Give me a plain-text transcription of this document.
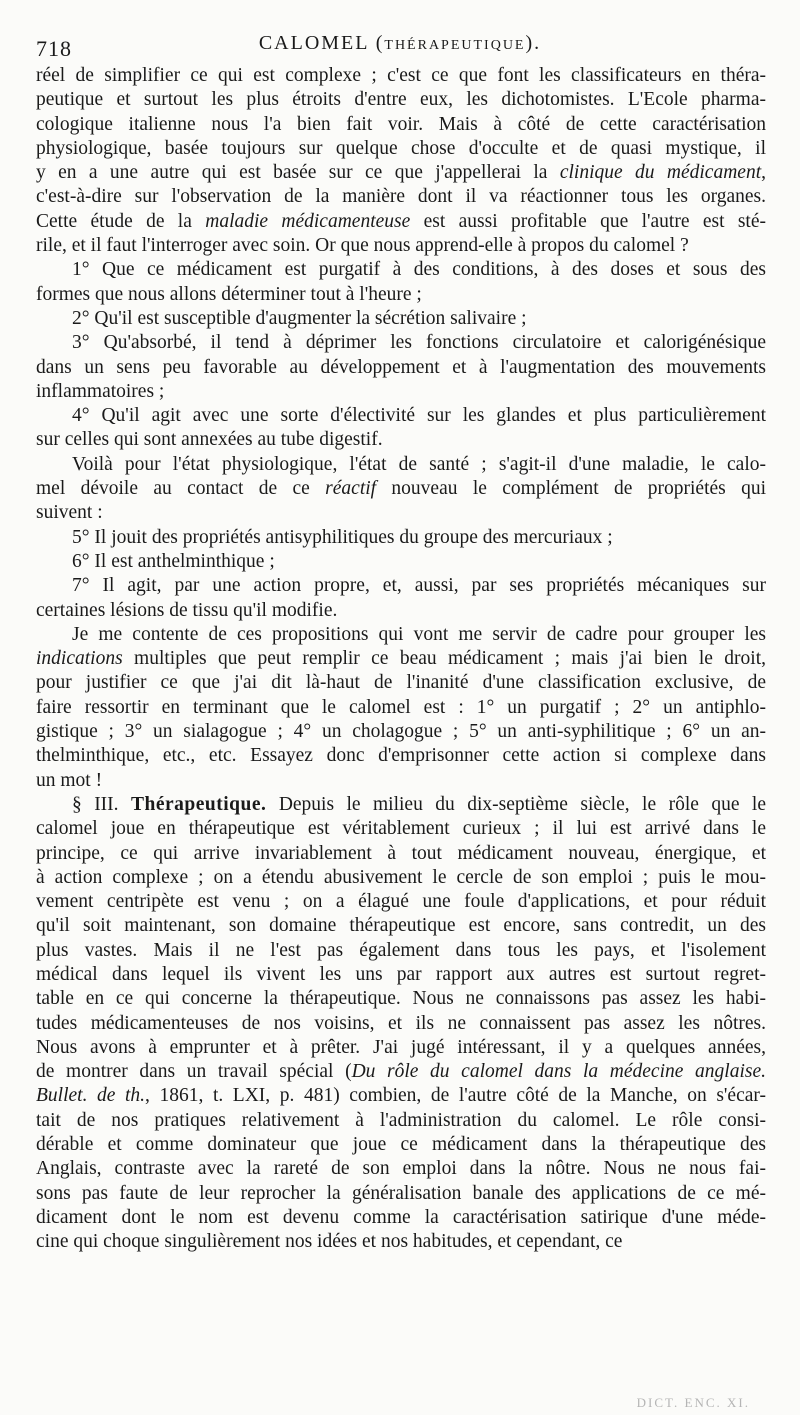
718	CALOMEL (THÉRAPEUTIQUE).

réel de simplifier ce qui est complexe ; c'est ce que font les classificateurs en théra-

peutique et surtout les plus étroits d'entre eux, les dichotomistes. L'Ecole pharma-

cologique italienne nous l'a bien fait voir. Mais à côté de cette caractérisation

physiologique, basée toujours sur quelque chose d'occulte et de quasi mystique, il

y en a une autre qui est basée sur ce que j'appellerai la clinique du médicament,

c'est-à-dire sur l'observation de la manière dont il va réactionner tous les organes.

Cette étude de la maladie médicamenteuse est aussi profitable que l'autre est sté-

rile, et il faut l'interroger avec soin. Or que nous apprend-elle à propos du calomel ?

1° Que ce médicament est purgatif à des conditions, à des doses et sous des

formes que nous allons déterminer tout à l'heure ;

2° Qu'il est susceptible d'augmenter la sécrétion salivaire ;

3° Qu'absorbé, il tend à déprimer les fonctions circulatoire et calorigénésique

dans un sens peu favorable au développement et à l'augmentation des mouvements

inflammatoires ;

4° Qu'il agit avec une sorte d'électivité sur les glandes et plus particulièrement

sur celles qui sont annexées au tube digestif.

Voilà pour l'état physiologique, l'état de santé ; s'agit-il d'une maladie, le calo-

mel dévoile au contact de ce réactif nouveau le complément de propriétés qui

suivent :

5° Il jouit des propriétés antisyphilitiques du groupe des mercuriaux ;

6° Il est anthelminthique ;

7° Il agit, par une action propre, et, aussi, par ses propriétés mécaniques sur

certaines lésions de tissu qu'il modifie.

Je me contente de ces propositions qui vont me servir de cadre pour grouper les

indications multiples que peut remplir ce beau médicament ; mais j'ai bien le droit,

pour justifier ce que j'ai dit là-haut de l'inanité d'une classification exclusive, de

faire ressortir en terminant que le calomel est : 1° un purgatif ; 2° un antiphlo-

gistique ; 3° un sialagogue ; 4° un cholagogue ; 5° un anti-syphilitique ; 6° un an-

thelminthique, etc., etc. Essayez donc d'emprisonner cette action si complexe dans

un mot !

§ III. Thérapeutique. Depuis le milieu du dix-septième siècle, le rôle que le

calomel joue en thérapeutique est véritablement curieux ; il lui est arrivé dans le

principe, ce qui arrive invariablement à tout médicament nouveau, énergique, et

à action complexe ; on a étendu abusivement le cercle de son emploi ; puis le mou-

vement centripète est venu ; on a élagué une foule d'applications, et pour réduit

qu'il soit maintenant, son domaine thérapeutique est encore, sans contredit, un des

plus vastes. Mais il ne l'est pas également dans tous les pays, et l'isolement

médical dans lequel ils vivent les uns par rapport aux autres est surtout regret-

table en ce qui concerne la thérapeutique. Nous ne connaissons pas assez les habi-

tudes médicamenteuses de nos voisins, et ils ne connaissent pas assez les nôtres.

Nous avons à emprunter et à prêter. J'ai jugé intéressant, il y a quelques années,

de montrer dans un travail spécial (Du rôle du calomel dans la médecine anglaise.

Bullet. de th., 1861, t. LXI, p. 481) combien, de l'autre côté de la Manche, on s'écar-

tait de nos pratiques relativement à l'administration du calomel. Le rôle consi-

dérable et comme dominateur que joue ce médicament dans la thérapeutique des

Anglais, contraste avec la rareté de son emploi dans la nôtre. Nous ne nous fai-

sons pas faute de leur reprocher la généralisation banale des applications de ce mé-

dicament dont le nom est devenu comme la caractérisation satirique d'une méde-

cine qui choque singulièrement nos idées et nos habitudes, et cependant, ce

DICT. ENC. XI.
